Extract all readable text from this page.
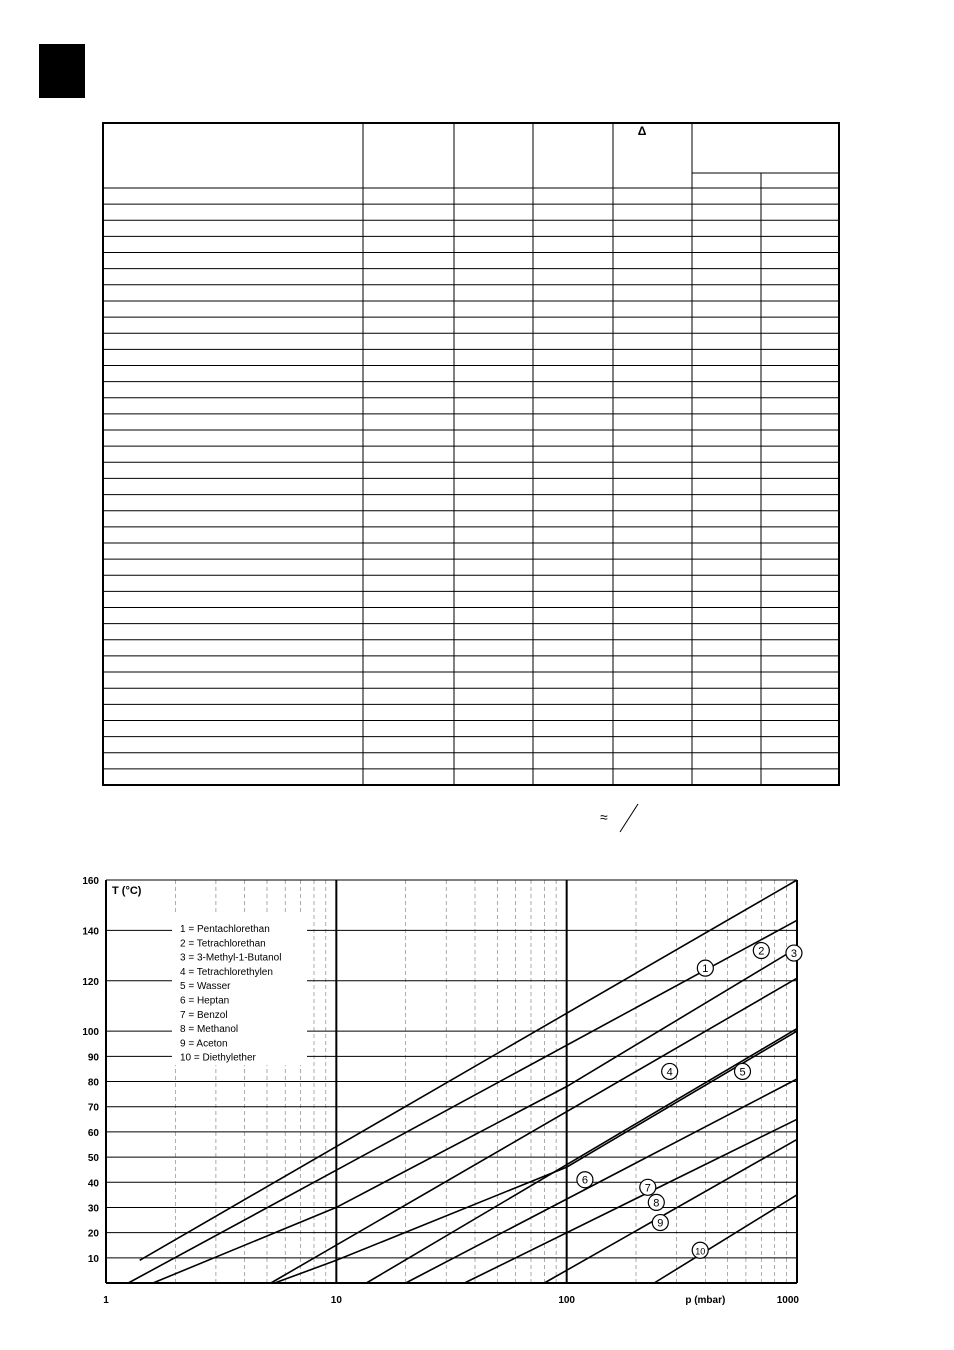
Δ
≈
10
20
30
40
50
60
70
80
90
100
120
140
160
1	10	100	1000
p (mbar)
T (°C)
1 = Pentachlorethan
2 = Tetrachlorethan
3 = 3-Methyl-1-Butanol
4 = Tetrachlorethylen
5 = Wasser
6 = Heptan
7 = Benzol
8 = Methanol
9 = Aceton
10 = Diethylether
1
2 3
4	5
6
7
8
9
10
